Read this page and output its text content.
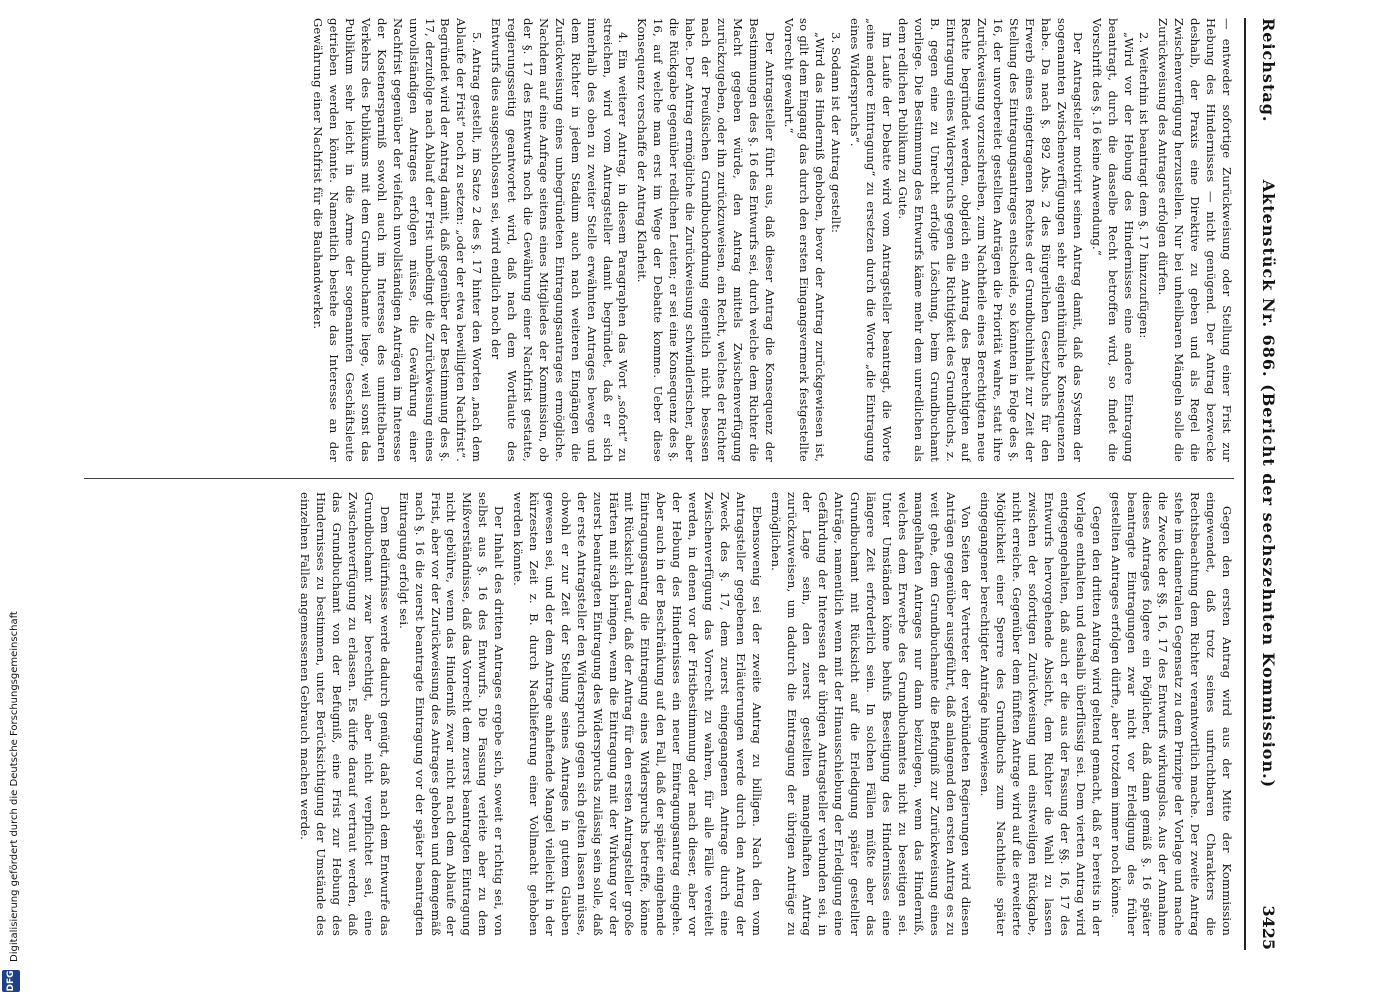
Reichstag.
Aktenstück Nr. 686. (Bericht der sechszehnten Kommission.)
3425

— entweder sofortige Zurückweisung oder Stellung einer Frist zur Hebung des Hindernisses — nicht genügend. Der Antrag bezwecke deshalb, der Praxis eine Direktive zu geben und als Regel die Zwischenverfügung herzustellen. Nur bei unheilbaren Mängeln solle die Zurückweisung des Antrages erfolgen dürfen.

2. Weiterhin ist beantragt dem §. 17 hinzuzufügen:

„Wird vor der Hebung des Hindernisses eine andere Eintragung beantragt, durch die dasselbe Recht betroffen wird, so findet die Vorschrift des §. 16 keine Anwendung.“

Der Antragsteller motivirt seinen Antrag damit, daß das System der sogenannten Zwischenverfügungen sehr eigenthümliche Konsequenzen habe. Da nach §. 892 Abs. 2 des Bürgerlichen Gesetzbuchs für den Erwerb eines eingetragenen Rechtes der Grundbuchinhalt zur Zeit der Stellung des Eintragungsantrages entscheide, so könnten in Folge des §. 16, der unvorbereitet gestellten Anträgen die Priorität wahre, statt ihre Zurückweisung vorzuschreiben, zum Nachtheile eines Berechtigten neue Rechte begründet werden, obgleich ein Antrag des Berechtigten auf Eintragung eines Widerspruchs gegen die Richtigkeit des Grundbuchs, z. B. gegen eine zu Unrecht erfolgte Löschung, beim Grundbuchamt vorliege. Die Bestimmung des Entwurfs käme mehr dem unredlichen als dem redlichen Publikum zu Gute.

Im Laufe der Debatte wird vom Antragsteller beantragt, die Worte „eine andere Eintragung“ zu ersetzen durch die Worte „die Eintragung eines Widerspruchs“.

3. Sodann ist der Antrag gestellt:

„Wird das Hinderniß gehoben, bevor der Antrag zurückgewiesen ist, so gilt dem Eingang das durch den ersten Eingangsvermerk festgestellte Vorrecht gewahrt.“

Der Antragsteller führt aus, daß dieser Antrag die Konsequenz der Bestimmungen des §. 16 des Entwurfs sei, durch welche dem Richter die Macht gegeben würde, den Antrag mittels Zwischenverfügung zurückzugeben, oder ihn zurückzuweisen, ein Recht, welches der Richter nach der Preußischen Grundbuchordnung eigentlich nicht besessen habe. Der Antrag ermögliche die Zurückweisung schwindlerischer, aber die Rückgabe gegenüber redlichen Leuten; er sei eine Konsequenz des §. 16, auf welche man erst im Wege der Debatte komme. Ueber diese Konsequenz verschaffe der Antrag Klarheit.

4. Ein weiterer Antrag, in diesem Paragraphen das Wort „sofort“ zu streichen, wird vom Antragsteller damit begründet, daß er sich innerhalb des oben zu zweiter Stelle erwähnten Antrages bewege und dem Richter in jedem Stadium auch nach weiteren Eingängen die Zurückweisung eines unbegründeten Eintragungsantrages ermögliche. Nachdem auf eine Anfrage seitens eines Mitgliedes der Kommission, ob der §. 17 des Entwurfs noch die Gewährung einer Nachfrist gestatte, regierungsseitig geantwortet wird, daß nach dem Wortlaute des Entwurfs dies ausgeschlossen sei, wird endlich noch der

5. Antrag gestellt, im Satze 2 des §. 17 hinter den Worten „nach dem Ablaufe der Frist“ noch zu setzen: „oder der etwa bewilligten Nachfrist“. Begründet wird der Antrag damit, daß gegenüber der Bestimmung des §. 17, derzufolge nach Ablauf der Frist unbedingt die Zurückweisung eines unvollständigen Antrages erfolgen müsse, die Gewährung einer Nachfrist gegenüber der vielfach unvollständigen Anträgen im Interesse der Kostenersparniß sowohl auch im Interesse des unmittelbaren Verkehrs des Publikums mit dem Grundbuchamte liege, weil sonst das Publikum sehr leicht in die Arme der sogenannten Geschäftsleute getrieben werden könnte. Namentlich bestehe das Interesse an der Gewährung einer Nachfrist für die Bauhandwerker.

Gegen den ersten Antrag wird aus der Mitte der Kommission eingewendet, daß trotz seines unfruchtbaren Charakters die Rechtsbeachtung dem Richter verantwortlich mache. Der zweite Antrag stehe im diametralen Gegensatz zu dem Prinzipe der Vorlage und mache die Zwecke der §§. 16, 17 des Entwurfs wirkungslos. Aus der Annahme dieses Antrages folgere ein Pöglicher, daß dann gemäß §. 16 später beantragte Eintragungen zwar nicht vor Erledigung des früher gestellten Antrages erfolgen dürfte, aber trotzdem immer noch könne.

Gegen den dritten Antrag wird geltend gemacht, daß er bereits in der Vorlage enthalten und deshalb überflüssig sei. Dem vierten Antrag wird entgegengehalten, daß auch er die aus der Fassung der §§. 16, 17 des Entwurfs hervorgehende Absicht, dem Richter die Wahl zu lassen zwischen der sofortigen Zurückweisung und einstweiligen Rückgabe, nicht erreiche. Gegenüber dem fünften Antrage wird auf die erweiterte Möglichkeit einer Sperre des Grundbuchs zum Nachtheile später eingegangener berechtigter Anträge hingewiesen.

Von Seiten der Vertreter der verbündeten Regierungen wird diesen Anträgen gegenüber ausgeführt, daß anlangend den ersten Antrag es zu weit gehe, dem Grundbuchamte die Befugniß zur Zurückweisung eines mangelhaften Antrages nur dann beizulegen, wenn das Hinderniß, welches dem Erwerbe des Grundbuchamtes nicht zu beseitigen sei. Unter Umständen könne behufs Beseitigung des Hindernisses eine längere Zeit erforderlich sein. In solchen Fällen müßte aber das Grundbuchamt mit Rücksicht auf die Erledigung später gestellter Anträge, namentlich wenn mit der Hinausschiebung der Erledigung eine Gefährdung der Interessen der übrigen Antragsteller verbunden sei, in der Lage sein, den zuerst gestellten mangelhaften Antrag zurückzuweisen, um dadurch die Eintragung der übrigen Anträge zu ermöglichen.

Ebensowenig sei der zweite Antrag zu billigen. Nach den vom Antragsteller gegebenen Erläuterungen werde durch den Antrag der Zweck des §. 17, dem zuerst eingegangenen Antrage durch eine Zwischenverfügung das Vorrecht zu wahren, für alle Fälle vereitelt werden, in denen vor der Fristbestimmung oder nach dieser, aber vor der Hebung des Hindernisses ein neuer Eintragungsantrag eingehe. Aber auch in der Beschränkung auf den Fall, daß der später eingehende Eintragungsantrag die Eintragung eines Widerspruchs betreffe, könne mit Rücksicht darauf, daß der Antrag für den ersten Antragsteller große Härten mit sich bringen, wenn die Eintragung mit der Wirkung vor der zuerst beantragten Eintragung des Widerspruchs zulässig sein solle, daß der erste Antragsteller den Widerspruch gegen sich gelten lassen müsse, obwohl er zur Zeit der Stellung seines Antrages in gutem Glauben gewesen sei, und der dem Antrage anhaftende Mangel vielleicht in der kürzesten Zeit z. B. durch Nachlieferung einer Vollmacht gehoben werden könnte.

Der Inhalt des dritten Antrages ergebe sich, soweit er richtig sei, von selbst aus §. 16 des Entwurfs. Die Fassung verleite aber zu dem Mißverständnisse, daß das Vorrecht dem zuerst beantragten Eintragung nicht gebühre, wenn das Hinderniß zwar nicht nach dem Ablaufe der Frist, aber vor der Zurückweisung des Antrages gehoben und demgemäß nach §. 16 die zuerst beantragte Eintragung vor der später beantragten Eintragung erfolgt sei.

Dem Bedürfnisse werde dadurch genügt, daß nach dem Entwurfe das Grundbuchamt zwar berechtigt, aber nicht verpflichtet sei, eine Zwischenverfügung zu erlassen. Es dürfe darauf vertraut werden, daß das Grundbuchamt von der Befugniß, eine Frist zur Hebung des Hindernisses zu bestimmen, unter Berücksichtigung der Umstände des einzelnen Falles angemessenen Gebrauch machen werde.

Digitalisierung gefördert durch die Deutsche Forschungsgemeinschaft
DFG
